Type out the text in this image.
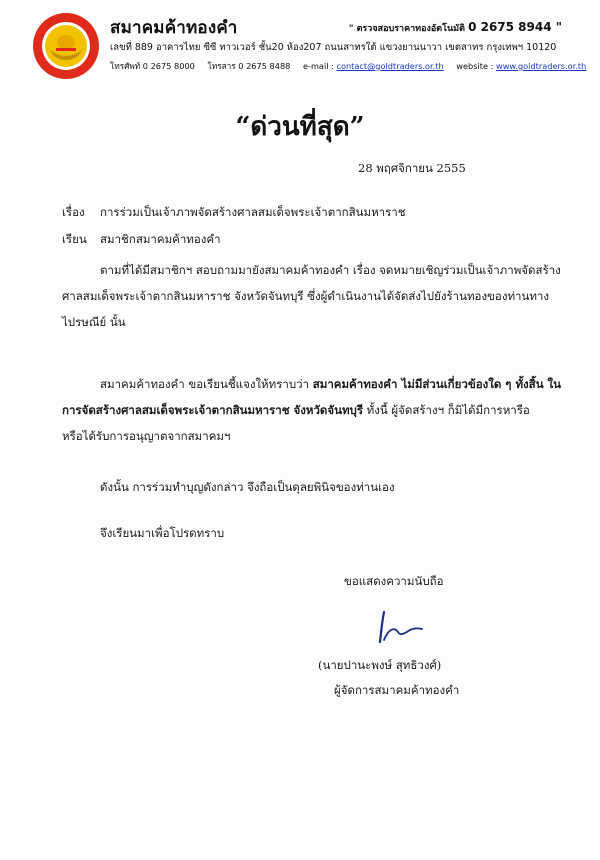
สมาคมค้าทองคำ	" ตรวจสอบราคาทองอัตโนมัติ 0 2675 8944 "
เลขที่ 889 อาคารไทย ซีซี ทาวเวอร์ ชั้น20 ห้อง207 ถนนสาทรใต้ แขวงยานนาวา เขตสาทร กรุงเทพฯ 10120
โทรศัพท์ 0 2675 8000 โทรสาร 0 2675 8488 e-mail : contact@goldtraders.or.th website : www.goldtraders.or.th
“ด่วนที่สุด”
28 พฤศจิกายน 2555
เรื่อง การร่วมเป็นเจ้าภาพจัดสร้างศาลสมเด็จพระเจ้าตากสินมหาราช
เรียน สมาชิกสมาคมค้าทองคำ
ตามที่ได้มีสมาชิกฯ สอบถามมายังสมาคมค้าทองคำ เรื่อง จดหมายเชิญร่วมเป็นเจ้าภาพจัดสร้าง
ศาลสมเด็จพระเจ้าตากสินมหาราช จังหวัดจันทบุรี ซึ่งผู้ดำเนินงานได้จัดส่งไปยังร้านทองของท่านทาง
ไปรษณีย์ นั้น
สมาคมค้าทองคำ ขอเรียนชี้แจงให้ทราบว่า สมาคมค้าทองคำ ไม่มีส่วนเกี่ยวข้องใด ๆ ทั้งสิ้น ใน
การจัดสร้างศาลสมเด็จพระเจ้าตากสินมหาราช จังหวัดจันทบุรี ทั้งนี้ ผู้จัดสร้างฯ ก็มิได้มีการหารือ
หรือได้รับการอนุญาตจากสมาคมฯ
ดังนั้น การร่วมทำบุญดังกล่าว จึงถือเป็นดุลยพินิจของท่านเอง
จึงเรียนมาเพื่อโปรดทราบ
ขอแสดงความนับถือ
(นายปานะพงษ์ สุทธิวงศ์)
ผู้จัดการสมาคมค้าทองคำ
